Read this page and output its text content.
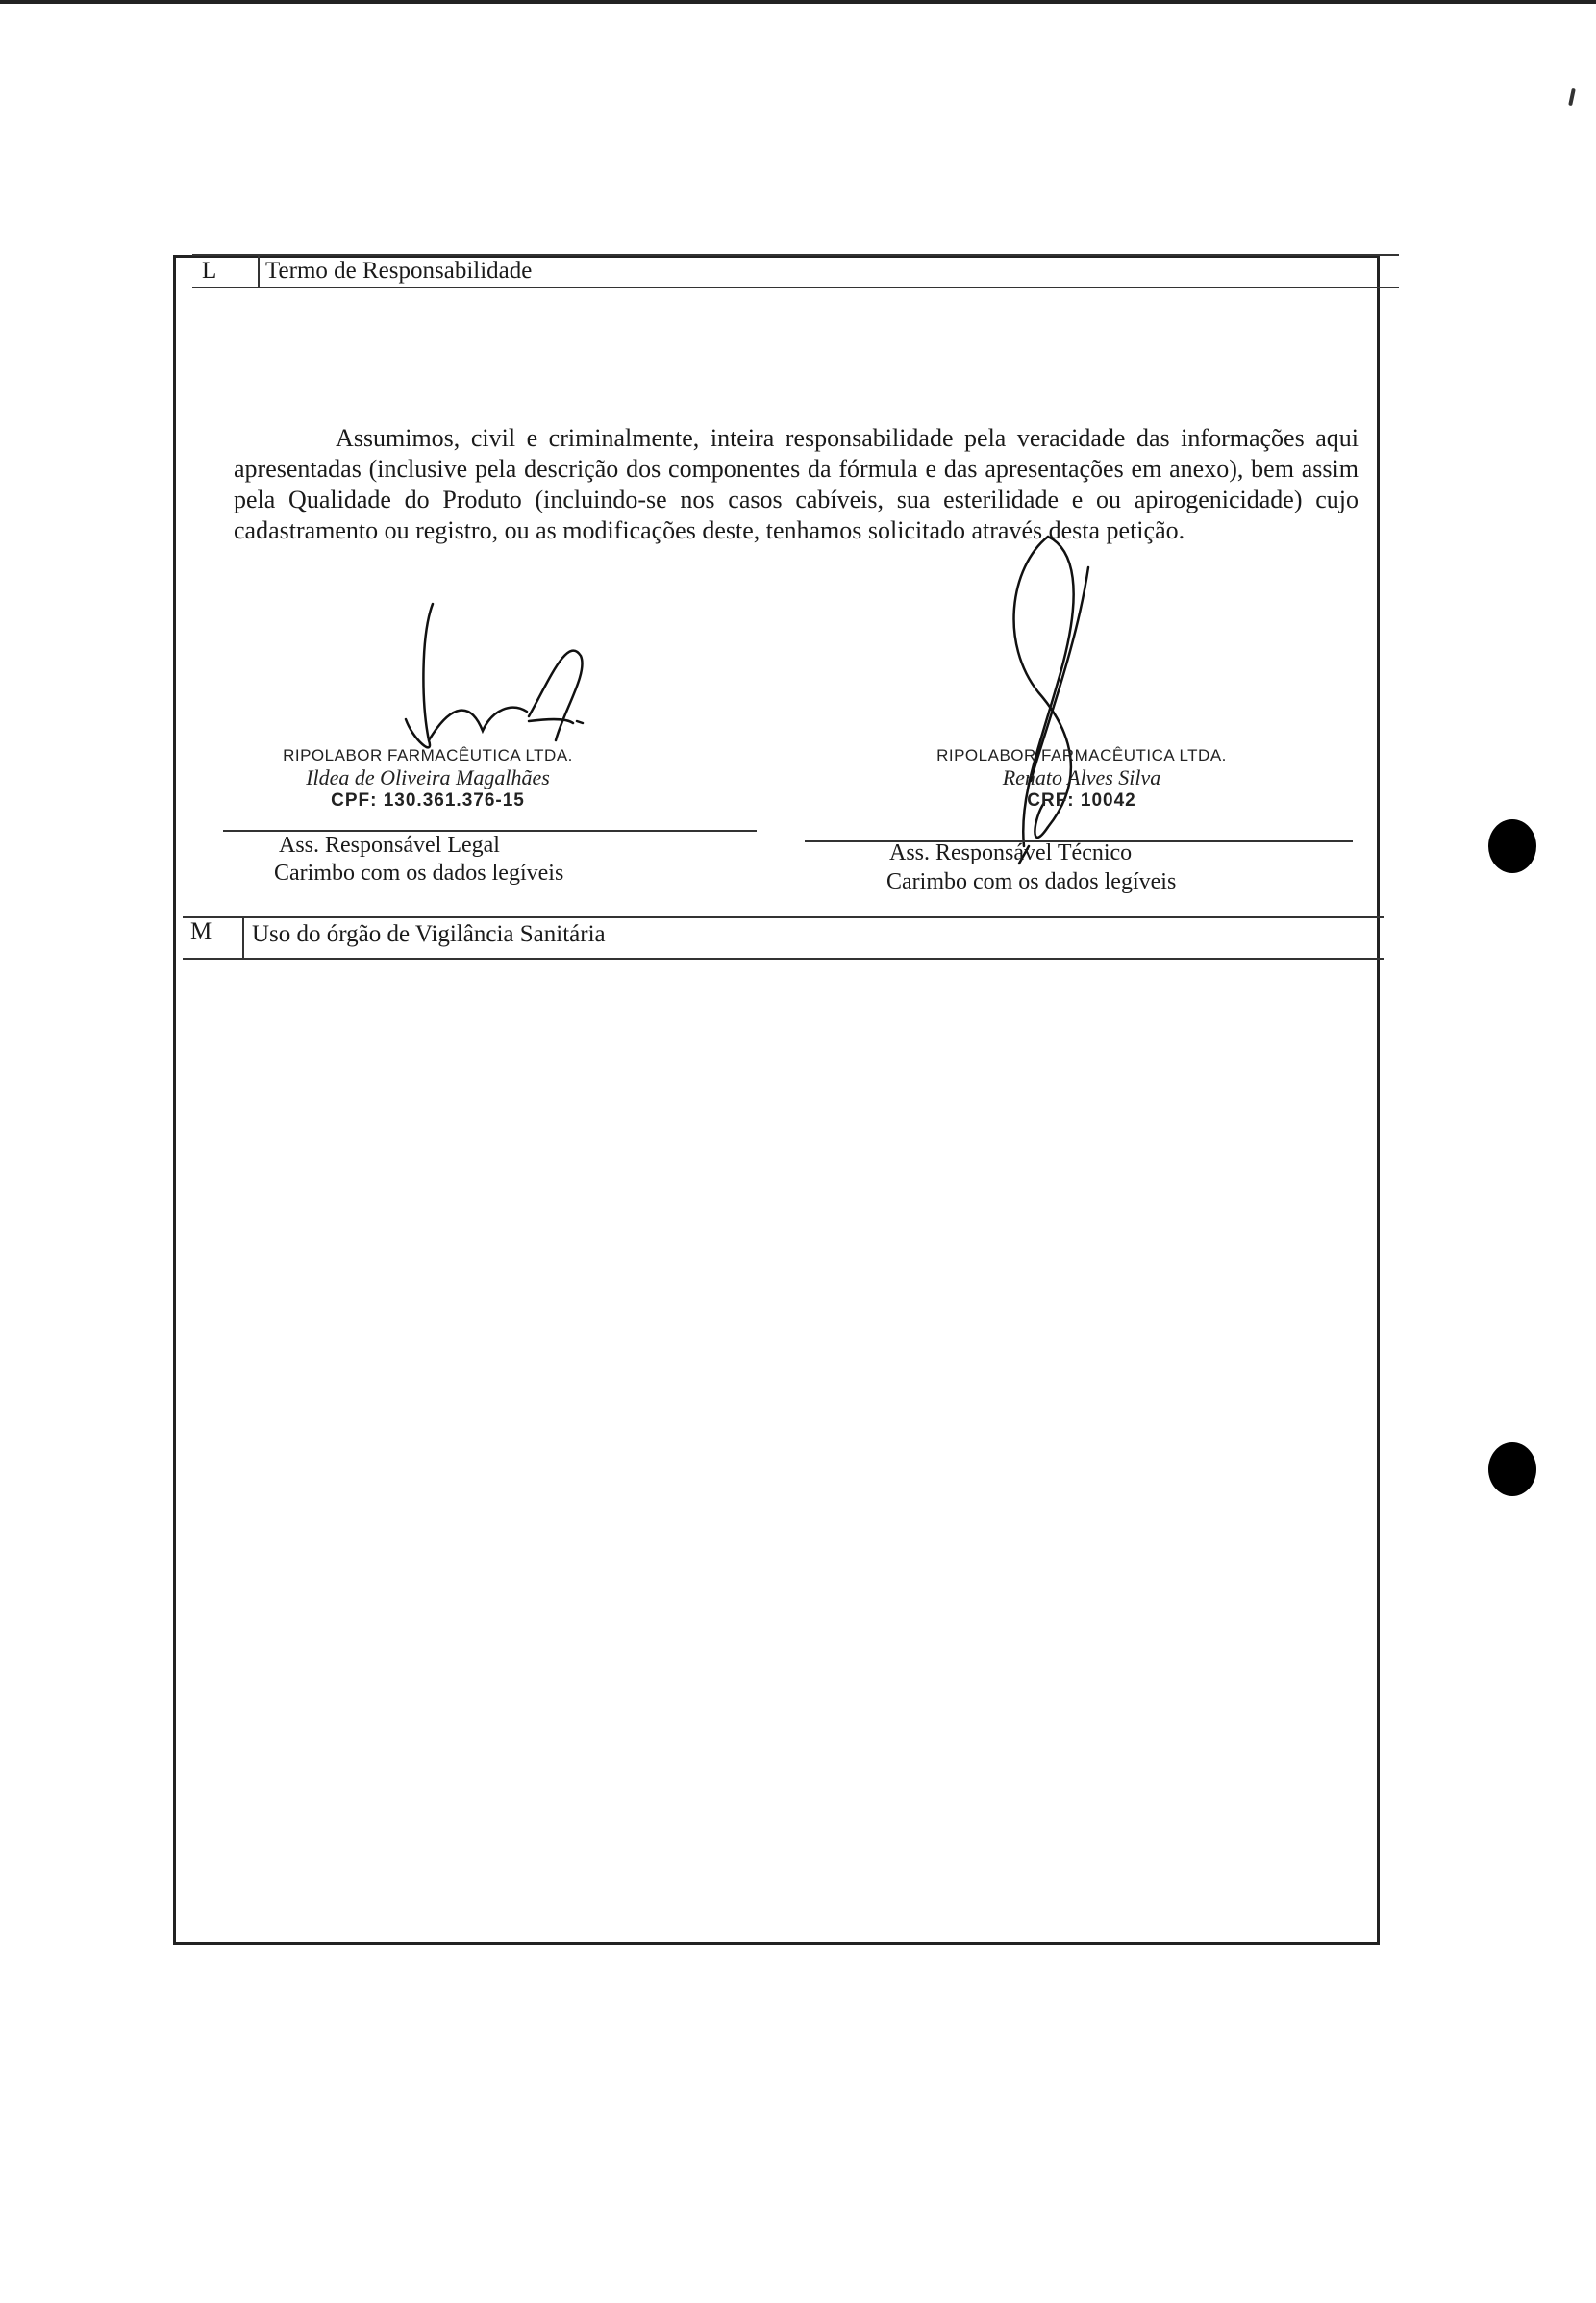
L Termo de Responsabilidade
Assumimos, civil e criminalmente, inteira responsabilidade pela veracidade das informações aqui apresentadas (inclusive pela descrição dos componentes da fórmula e das apresentações em anexo), bem assim pela Qualidade do Produto (incluindo-se nos casos cabíveis, sua esterilidade e ou apirogenicidade) cujo cadastramento ou registro, ou as modificações deste, tenhamos solicitado através desta petição.
RIPOLABOR FARMACÊUTICA LTDA.
Ildea de Oliveira Magalhães
CPF: 130.361.376-15
Ass. Responsável Legal
Carimbo com os dados legíveis
RIPOLABOR FARMACÊUTICA LTDA.
Renato Alves Silva
CRF: 10042
Ass. Responsável Técnico
Carimbo com os dados legíveis
M Uso do órgão de Vigilância Sanitária
